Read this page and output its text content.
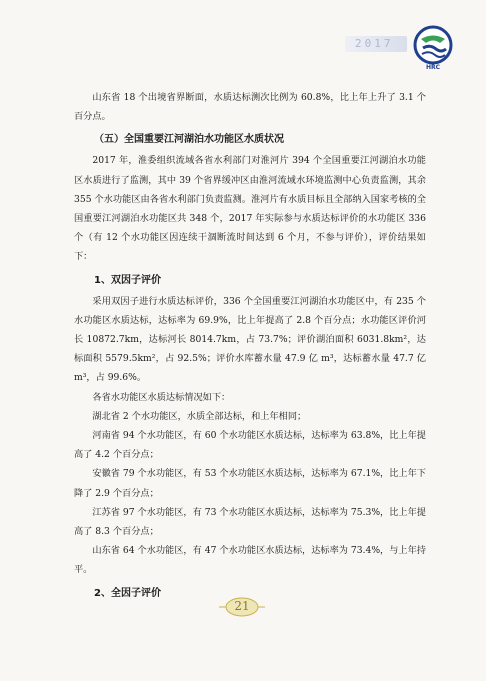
2017
HRC

山东省 18 个出境省界断面，水质达标测次比例为 60.8%，比上年上升了 3.1 个百分点。

（五）全国重要江河湖泊水功能区水质状况

2017 年，淮委组织流域各省水利部门对淮河片 394 个全国重要江河湖泊水功能区水质进行了监测，其中 39 个省界缓冲区由淮河流域水环境监测中心负责监测，其余 355 个水功能区由各省水利部门负责监测。淮河片有水质目标且全部纳入国家考核的全国重要江河湖泊水功能区共 348 个，2017 年实际参与水质达标评价的水功能区 336 个（有 12 个水功能区因连续干涸断流时间达到 6 个月，不参与评价），评价结果如下：

1、双因子评价

采用双因子进行水质达标评价，336 个全国重要江河湖泊水功能区中，有 235 个水功能区水质达标，达标率为 69.9%，比上年提高了 2.8 个百分点；水功能区评价河长 10872.7km，达标河长 8014.7km，占 73.7%；评价湖泊面积 6031.8km²，达标面积 5579.5km²，占 92.5%；评价水库蓄水量 47.9 亿 m³，达标蓄水量 47.7 亿 m³，占 99.6%。

各省水功能区水质达标情况如下：

湖北省 2 个水功能区，水质全部达标，和上年相同；

河南省 94 个水功能区，有 60 个水功能区水质达标，达标率为 63.8%，比上年提高了 4.2 个百分点；

安徽省 79 个水功能区，有 53 个水功能区水质达标，达标率为 67.1%，比上年下降了 2.9 个百分点；

江苏省 97 个水功能区，有 73 个水功能区水质达标，达标率为 75.3%，比上年提高了 8.3 个百分点；

山东省 64 个水功能区，有 47 个水功能区水质达标，达标率为 73.4%，与上年持平。

2、全因子评价

21
